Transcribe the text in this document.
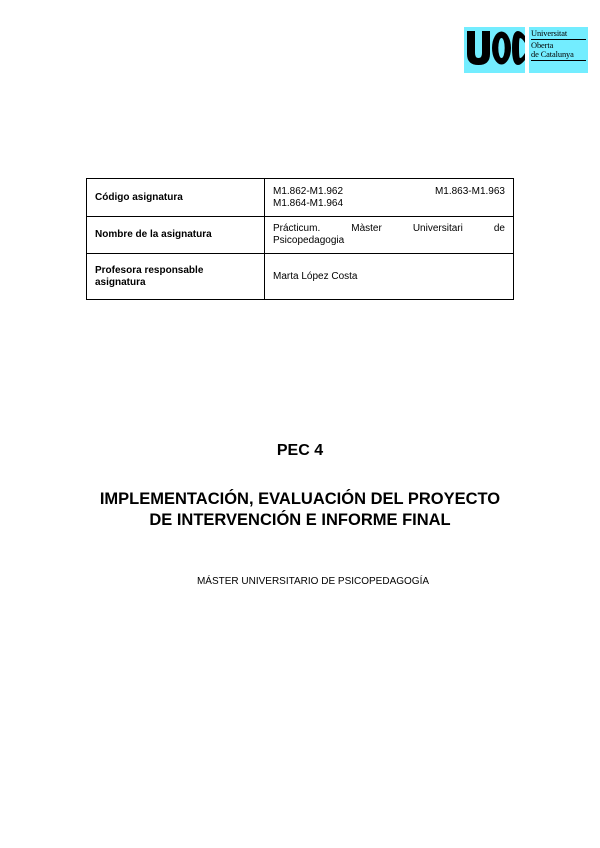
Universitat
Oberta
de Catalunya
Código asignatura	M1.862-M1.962 M1.863-M1.963
M1.864-M1.964

Nombre de la asignatura	Prácticum. Màster Universitari de
Psicopedagogia

Profesora responsable asignatura	Marta López Costa
PEC 4
IMPLEMENTACIÓN, EVALUACIÓN DEL PROYECTO DE INTERVENCIÓN E INFORME FINAL
MÁSTER UNIVERSITARIO DE PSICOPEDAGOGÍA
